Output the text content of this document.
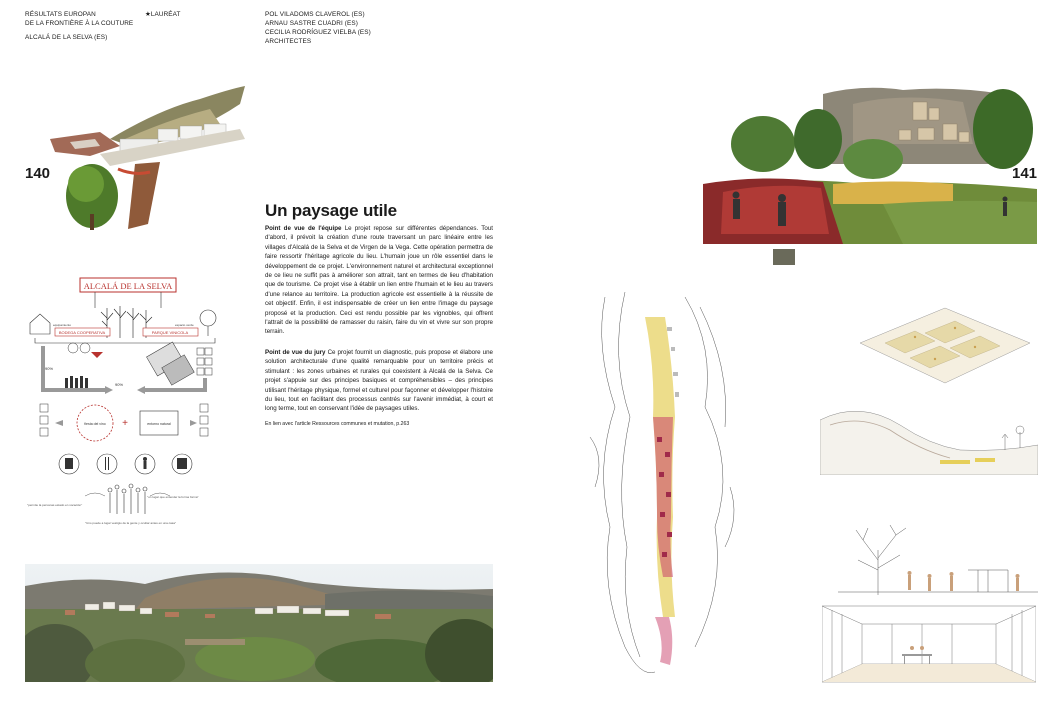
RÉSULTATS EUROPAN
DE LA FRONTIÈRE À LA COUTURE
ALCALÁ DE LA SELVA (ES)
★LAURÉAT	POL VILADOMS CLAVEROL (ES)
ARNAU SASTRE CUADRI (ES)
CECILIA RODRÍGUEZ VIELBA (ES)
ARCHITECTES
140	141
Un paysage utile
Point de vue de l'équipe Le projet repose sur différentes dépendances. Tout d'abord, il prévoit la création d'une route traversant un parc linéaire entre les villages d'Alcalá de la Selva et de Virgen de la Vega. Cette opération permettra de faire ressortir l'héritage agricole du lieu. L'humain joue un rôle essentiel dans le développement de ce projet. L'environnement naturel et architectural exceptionnel de ce lieu ne suffit pas à améliorer son attrait, tant en termes de lieu d'habitation que de tourisme. Ce projet vise à établir un lien entre l'humain et le lieu au travers d'une relance au territoire. La production agricole est essentielle à la réussite de cet objectif. Enfin, il est indispensable de créer un lien entre l'image du paysage proposé et la production. Ceci est rendu possible par les vignobles, qui offrent l'attrait de la possibilité de ramasser du raisin, faire du vin et vivre sur son propre terrain.
Point de vue du jury Ce projet fournit un diagnostic, puis propose et élabore une solution architecturale d'une qualité remarquable pour un territoire précis et stimulant : les zones urbaines et rurales qui coexistent à Alcalá de la Selva. Ce projet s'appuie sur des principes basiques et compréhensibles – des principes utilisant l'héritage physique, formel et culturel pour façonner et développer l'histoire du lieu, tout en facilitant des processus centrés sur l'avenir immédiat, à court et long terme, tout en conservant l'idée de paysages utiles.
En lien avec l'article Ressources communes et mutation, p.263
ALCALÁ DE LA SELVA
equipamiento	espacio verde
BODEGA COOPERATIVA	PARQUE VINICOLA
90%
90%
fiesta del vino +	entorno natural
"permite la personas estado en vocación"
"un lugar que entender la forma forma"
"Uno puede a lugar vestigio de la gente y ocultar antes en una casa"
